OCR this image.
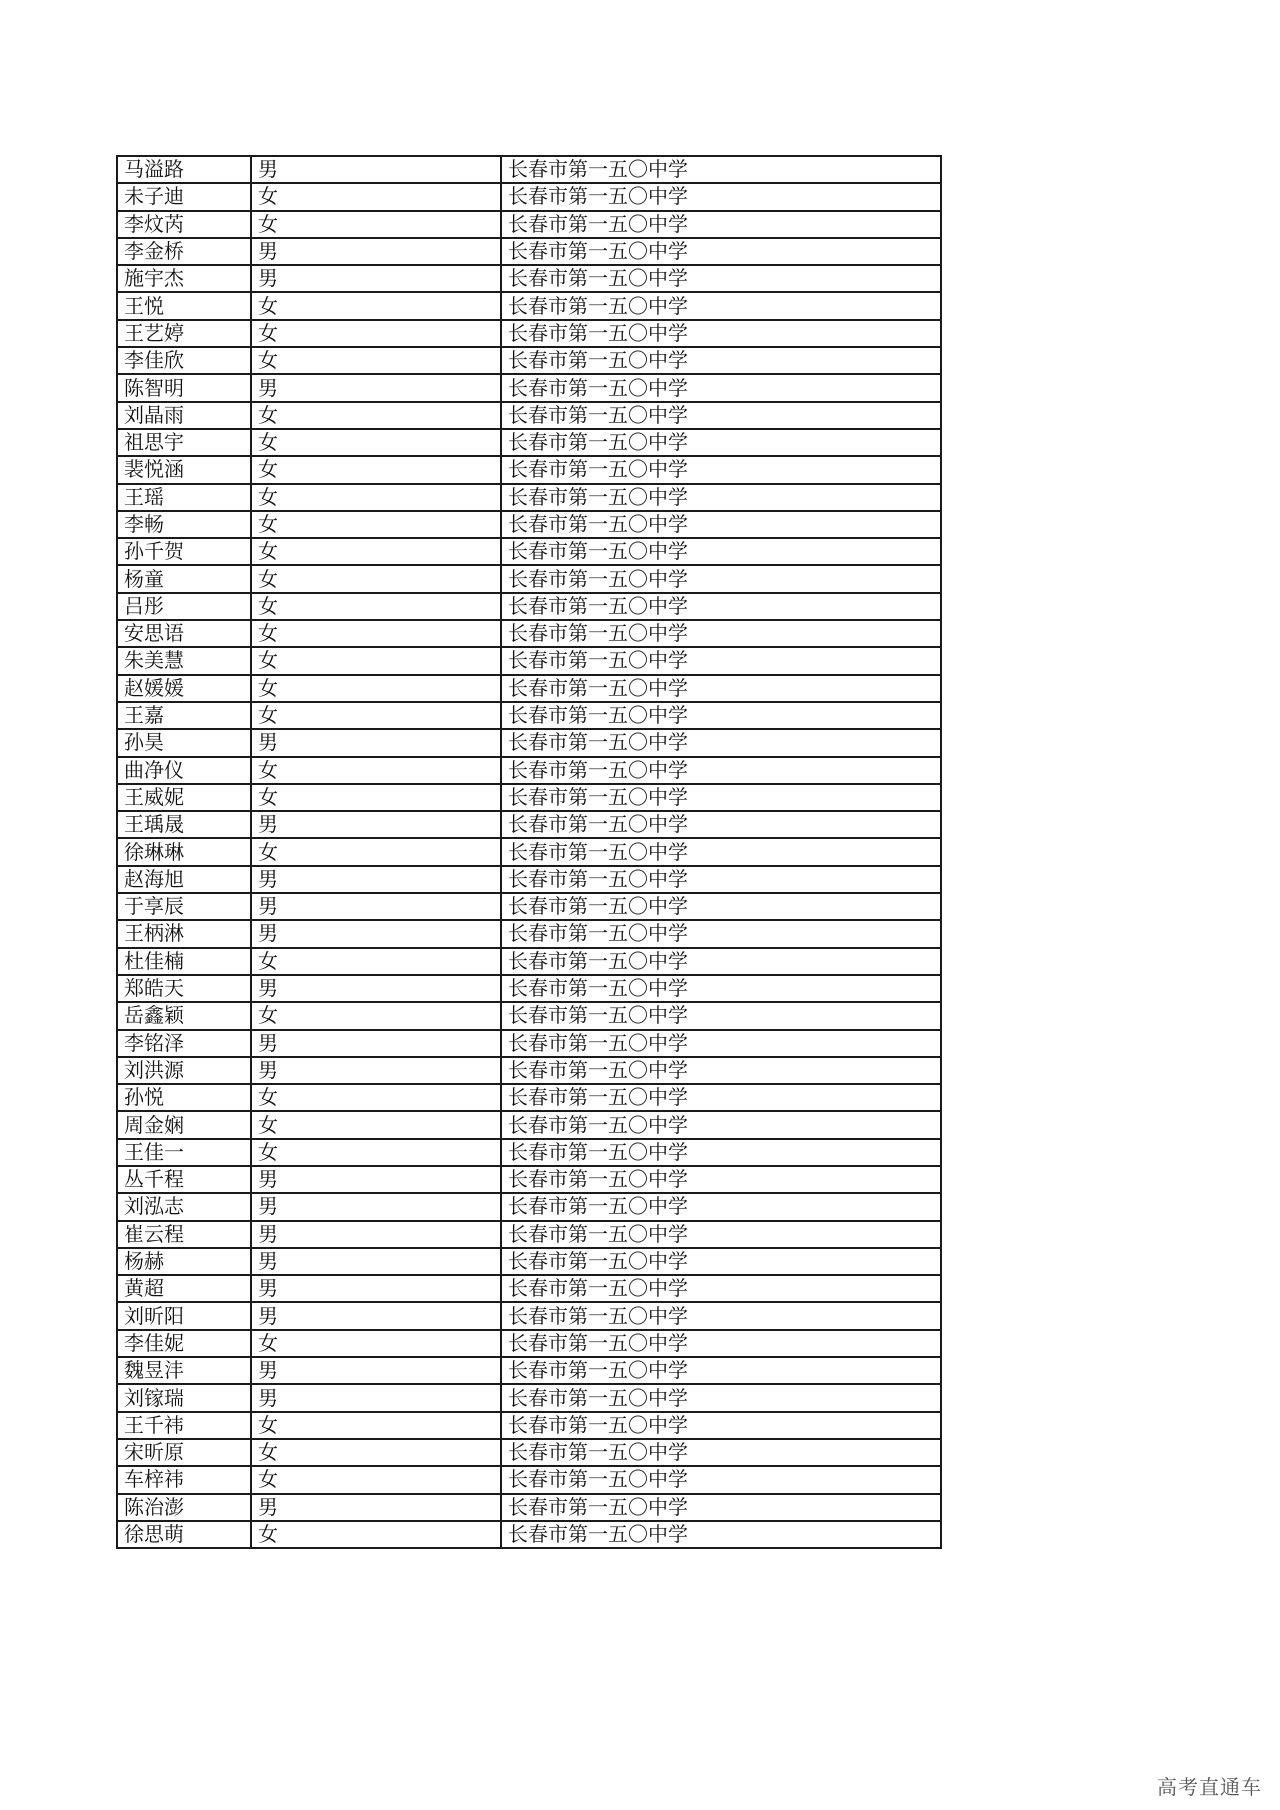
马溢路	男	长春市第一五〇中学
未子迪	女	长春市第一五〇中学
李炆芮	女	长春市第一五〇中学
李金桥	男	长春市第一五〇中学
施宇杰	男	长春市第一五〇中学
王悦	女	长春市第一五〇中学
王艺婷	女	长春市第一五〇中学
李佳欣	女	长春市第一五〇中学
陈智明	男	长春市第一五〇中学
刘晶雨	女	长春市第一五〇中学
祖思宇	女	长春市第一五〇中学
裴悦涵	女	长春市第一五〇中学
王瑶	女	长春市第一五〇中学
李畅	女	长春市第一五〇中学
孙千贺	女	长春市第一五〇中学
杨童	女	长春市第一五〇中学
吕彤	女	长春市第一五〇中学
安思语	女	长春市第一五〇中学
朱美慧	女	长春市第一五〇中学
赵媛媛	女	长春市第一五〇中学
王嘉	女	长春市第一五〇中学
孙昊	男	长春市第一五〇中学
曲净仪	女	长春市第一五〇中学
王威妮	女	长春市第一五〇中学
王瑀晟	男	长春市第一五〇中学
徐琳琳	女	长春市第一五〇中学
赵海旭	男	长春市第一五〇中学
于享辰	男	长春市第一五〇中学
王柄淋	男	长春市第一五〇中学
杜佳楠	女	长春市第一五〇中学
郑皓天	男	长春市第一五〇中学
岳鑫颖	女	长春市第一五〇中学
李铭泽	男	长春市第一五〇中学
刘洪源	男	长春市第一五〇中学
孙悦	女	长春市第一五〇中学
周金娴	女	长春市第一五〇中学
王佳一	女	长春市第一五〇中学
丛千程	男	长春市第一五〇中学
刘泓志	男	长春市第一五〇中学
崔云程	男	长春市第一五〇中学
杨赫	男	长春市第一五〇中学
黄超	男	长春市第一五〇中学
刘昕阳	男	长春市第一五〇中学
李佳妮	女	长春市第一五〇中学
魏昱沣	男	长春市第一五〇中学
刘镓瑞	男	长春市第一五〇中学
王千祎	女	长春市第一五〇中学
宋昕原	女	长春市第一五〇中学
车梓祎	女	长春市第一五〇中学
陈治澎	男	长春市第一五〇中学
徐思萌	女	长春市第一五〇中学
高考直通车
